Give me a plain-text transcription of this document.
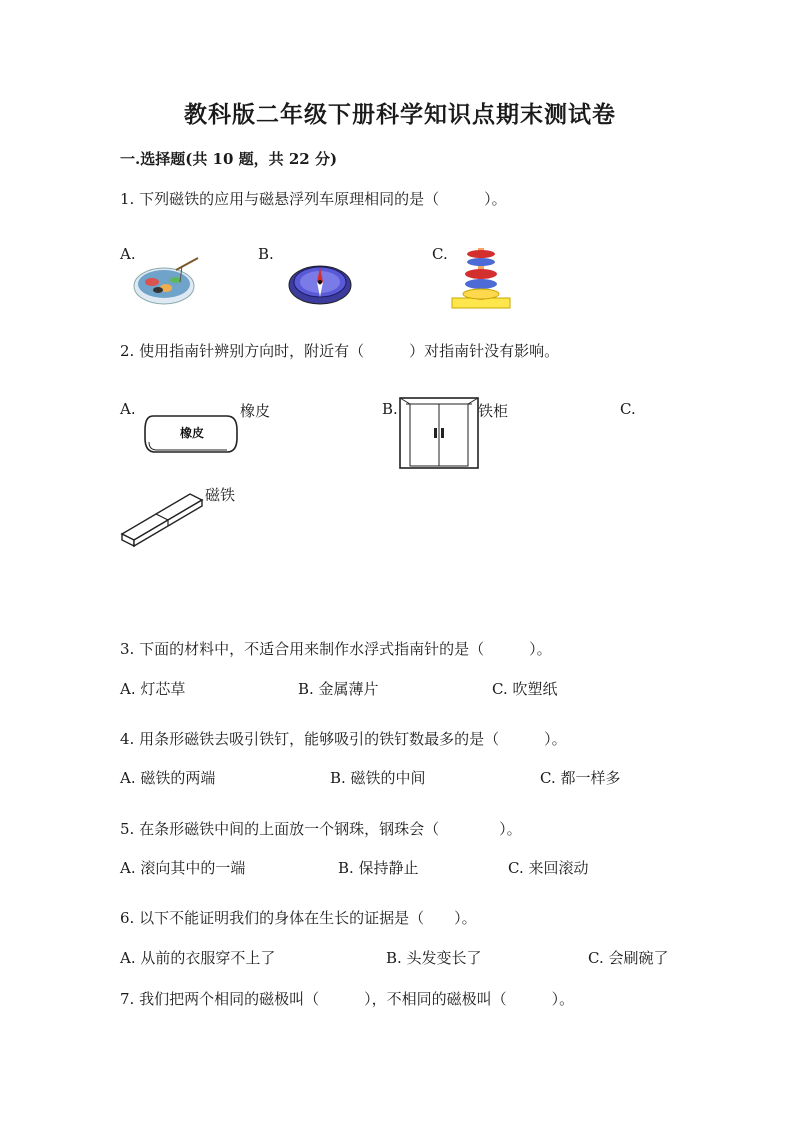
教科版二年级下册科学知识点期末测试卷
一.选择题(共 10 题，共 22 分)
1. 下列磁铁的应用与磁悬浮列车原理相同的是（　　　）。
A.	B.	C.
2. 使用指南针辨别方向时，附近有（　　　）对指南针没有影响。
A.	橡皮	B.	铁柜	C.
磁铁
橡皮
3. 下面的材料中，不适合用来制作水浮式指南针的是（　　　）。
A. 灯芯草	B. 金属薄片	C. 吹塑纸
4. 用条形磁铁去吸引铁钉，能够吸引的铁钉数最多的是（　　　）。
A. 磁铁的两端	B. 磁铁的中间	C. 都一样多
5. 在条形磁铁中间的上面放一个钢珠，钢珠会（　　　　）。
A. 滚向其中的一端	B. 保持静止	C. 来回滚动
6. 以下不能证明我们的身体在生长的证据是（　　）。
A. 从前的衣服穿不上了	B. 头发变长了	C. 会刷碗了
7. 我们把两个相同的磁极叫（　　　），不相同的磁极叫（　　　）。
